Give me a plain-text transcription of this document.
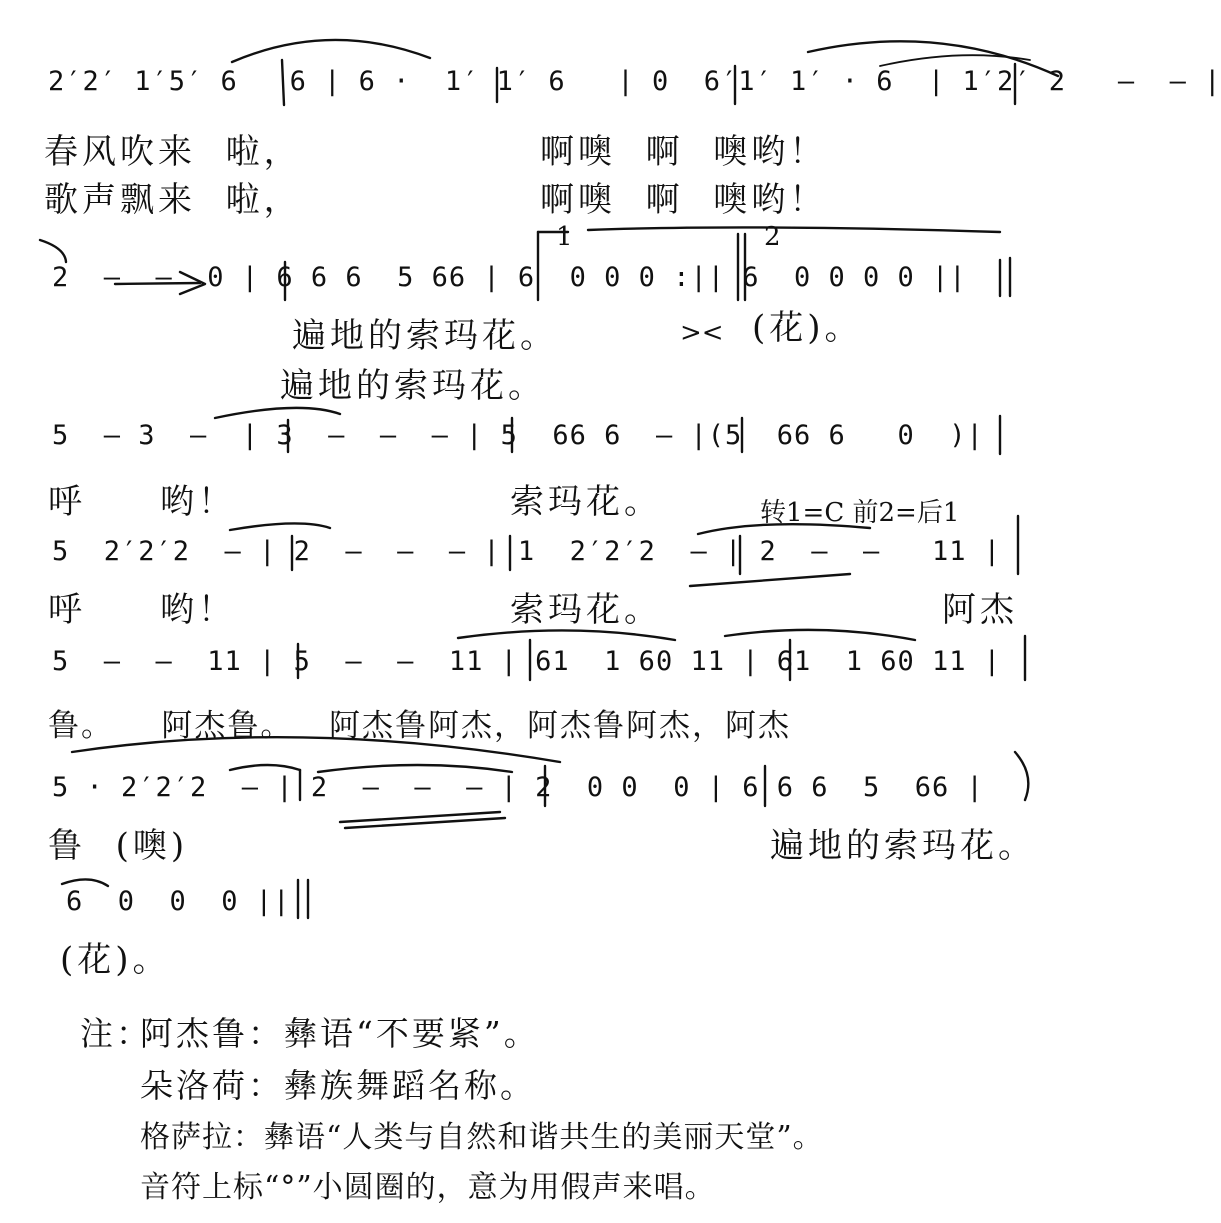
2′2′ 1′5′ 6   6 | 6 ·  1′ 1′ 6   | 0  6′1′ 1′ · 6  | 1′2′ 2   —  — |
春风吹来  啦，	啊噢  啊  噢哟！
歌声飘来  啦，	啊噢  啊  噢哟！
1	2
2  —  —  0 | 6 6 6  5 66 | 6  0 0 0 :|| 6  0 0 0 0 ||
遍地的索玛花。	>< (花)。
遍地的索玛花。
5  — 3  —  | 3  —  —  — | 5  66 6  — |(5  66 6   0  )|
呼     哟！	索玛花。	转1=C 前2=后1
5  2′2′2  — | 2  —  —  — | 1  2′2′2  — | 2  —  —   11 |
呼     哟！	索玛花。	阿杰
5  —  —  11 | 5  —  —  11 | 61  1 60 11 | 61  1 60 11 |
鲁。    阿杰鲁。   阿杰鲁阿杰，阿杰鲁阿杰，阿杰
5 · 2′2′2  — | 2  —  —  — | 2  0 0  0 | 6 6 6  5  66 |
鲁  (噢)	遍地的索玛花。
6  0  0  0 ||
(花)。
注：
阿杰鲁：彝语“不要紧”。
朵洛荷：彝族舞蹈名称。
格萨拉：彝语“人类与自然和谐共生的美丽天堂”。
音符上标“°”小圆圈的，意为用假声来唱。
